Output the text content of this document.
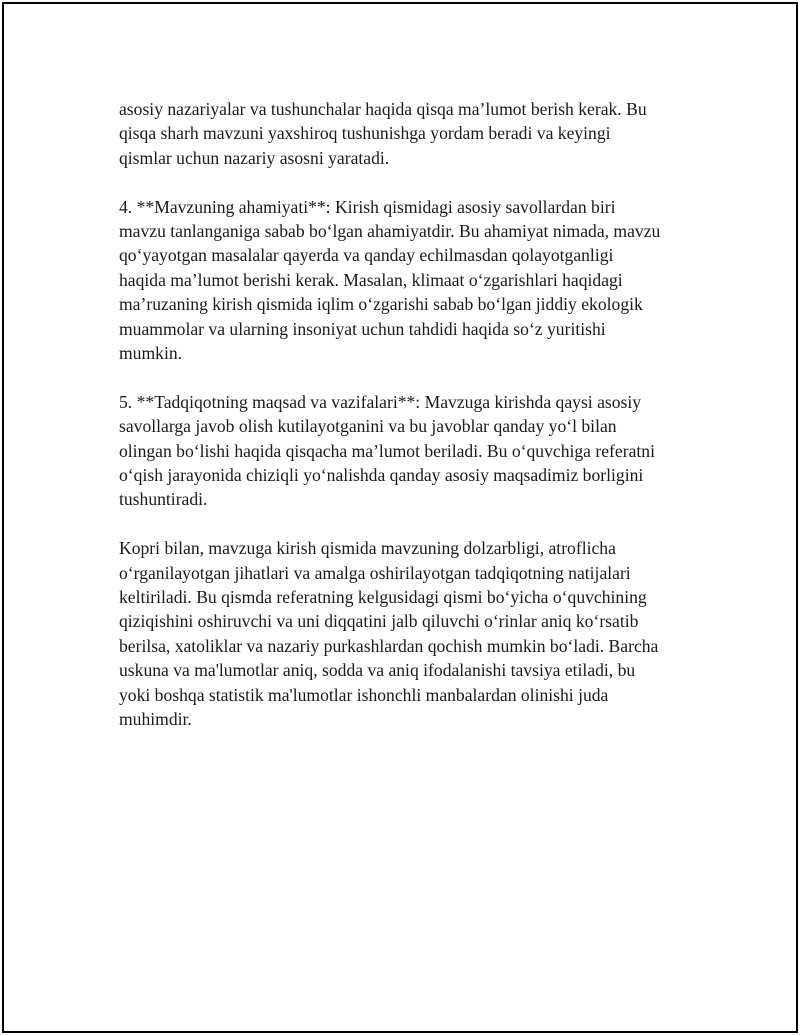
asosiy nazariyalar va tushunchalar haqida qisqa ma’lumot berish kerak. Bu
qisqa sharh mavzuni yaxshiroq tushunishga yordam beradi va keyingi
qismlar uchun nazariy asosni yaratadi.

4. **Mavzuning ahamiyati**: Kirish qismidagi asosiy savollardan biri
mavzu tanlanganiga sabab bo‘lgan ahamiyatdir. Bu ahamiyat nimada, mavzu
qo‘yayotgan masalalar qayerda va qanday echilmasdan qolayotganligi
haqida ma’lumot berishi kerak. Masalan, klimaat o‘zgarishlari haqidagi
ma’ruzaning kirish qismida iqlim o‘zgarishi sabab bo‘lgan jiddiy ekologik
muammolar va ularning insoniyat uchun tahdidi haqida so‘z yuritishi
mumkin.

5. **Tadqiqotning maqsad va vazifalari**: Mavzuga kirishda qaysi asosiy
savollarga javob olish kutilayotganini va bu javoblar qanday yo‘l bilan
olingan bo‘lishi haqida qisqacha ma’lumot beriladi. Bu o‘quvchiga referatni
o‘qish jarayonida chiziqli yo‘nalishda qanday asosiy maqsadimiz borligini
tushuntiradi.

Kopri bilan, mavzuga kirish qismida mavzuning dolzarbligi, atroflicha
o‘rganilayotgan jihatlari va amalga oshirilayotgan tadqiqotning natijalari
keltiriladi. Bu qismda referatning kelgusidagi qismi bo‘yicha o‘quvchining
qiziqishini oshiruvchi va uni diqqatini jalb qiluvchi o‘rinlar aniq ko‘rsatib
berilsa, xatoliklar va nazariy purkashlardan qochish mumkin bo‘ladi. Barcha
uskuna va ma'lumotlar aniq, sodda va aniq ifodalanishi tavsiya etiladi, bu
yoki boshqa statistik ma'lumotlar ishonchli manbalardan olinishi juda
muhimdir.
